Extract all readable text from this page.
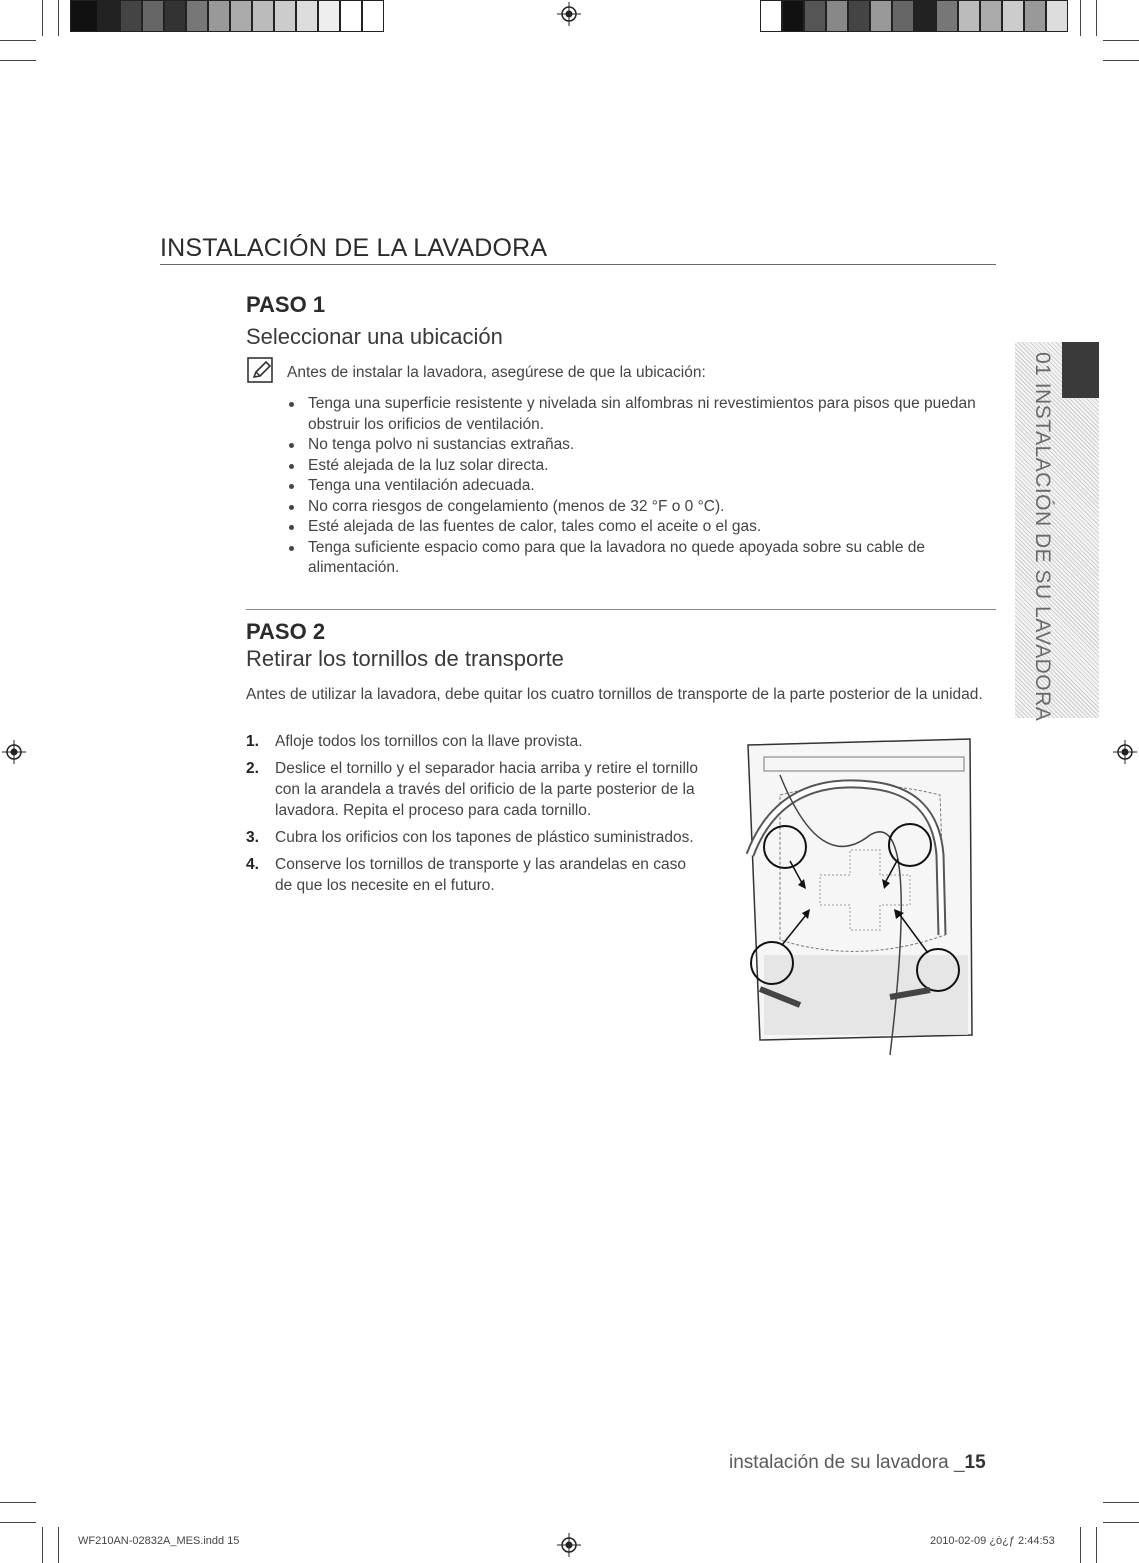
INSTALACIÓN DE LA LAVADORA
PASO 1
Seleccionar una ubicación
Antes de instalar la lavadora, asegúrese de que la ubicación:
Tenga una superficie resistente y nivelada sin alfombras ni revestimientos para pisos que puedan obstruir los orificios de ventilación.
No tenga polvo ni sustancias extrañas.
Esté alejada de la luz solar directa.
Tenga una ventilación adecuada.
No corra riesgos de congelamiento (menos de 32 °F o 0 °C).
Esté alejada de las fuentes de calor, tales como el aceite o el gas.
Tenga suficiente espacio como para que la lavadora no quede apoyada sobre su cable de alimentación.
PASO 2
Retirar los tornillos de transporte
Antes de utilizar la lavadora, debe quitar los cuatro tornillos de transporte de la parte posterior de la unidad.
1. Afloje todos los tornillos con la llave provista.
2. Deslice el tornillo y el separador hacia arriba y retire el tornillo con la arandela a través del orificio de la parte posterior de la lavadora. Repita el proceso para cada tornillo.
3. Cubra los orificios con los tapones de plástico suministrados.
4. Conserve los tornillos de transporte y las arandelas en caso de que los necesite en el futuro.
01 INSTALACIÓN DE SU LAVADORA
instalación de su lavadora _15
WF210AN-02832A_MES.indd 15	2010-02-09 ¿ȯ¿ƒ 2:44:53
